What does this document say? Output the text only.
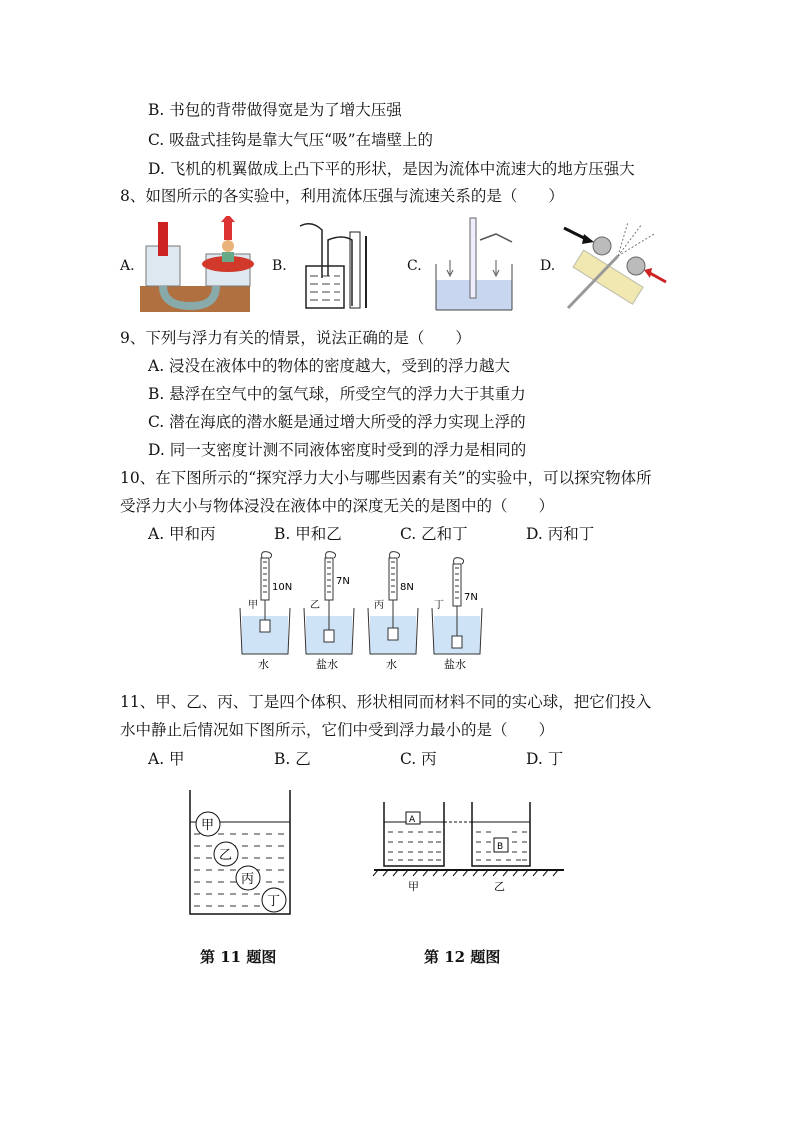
B. 书包的背带做得宽是为了增大压强
C. 吸盘式挂钩是靠大气压“吸”在墙壁上的
D. 飞机的机翼做成上凸下平的形状，是因为流体中流速大的地方压强大
8、如图所示的各实验中，利用流体压强与流速关系的是（　　）
A.	B.	C.	D.
9、下列与浮力有关的情景，说法正确的是（　　）
A. 浸没在液体中的物体的密度越大，受到的浮力越大
B. 悬浮在空气中的氢气球，所受空气的浮力大于其重力
C. 潜在海底的潜水艇是通过增大所受的浮力实现上浮的
D. 同一支密度计测不同液体密度时受到的浮力是相同的
10、在下图所示的“探究浮力大小与哪些因素有关”的实验中，可以探究物体所
受浮力大小与物体浸没在液体中的深度无关的是图中的（　　）
A. 甲和丙	B. 甲和乙	C. 乙和丁	D. 丙和丁
10N
甲
水
7N
乙
盐水
8N
丙
水
7N
丁
盐水
11、甲、乙、丙、丁是四个体积、形状相同而材料不同的实心球，把它们投入
水中静止后情况如下图所示，它们中受到浮力最小的是（　　）
A. 甲	B. 乙	C. 丙	D. 丁
甲
乙
丙
丁
A
B
甲	乙
第 11 题图	第 12 题图
